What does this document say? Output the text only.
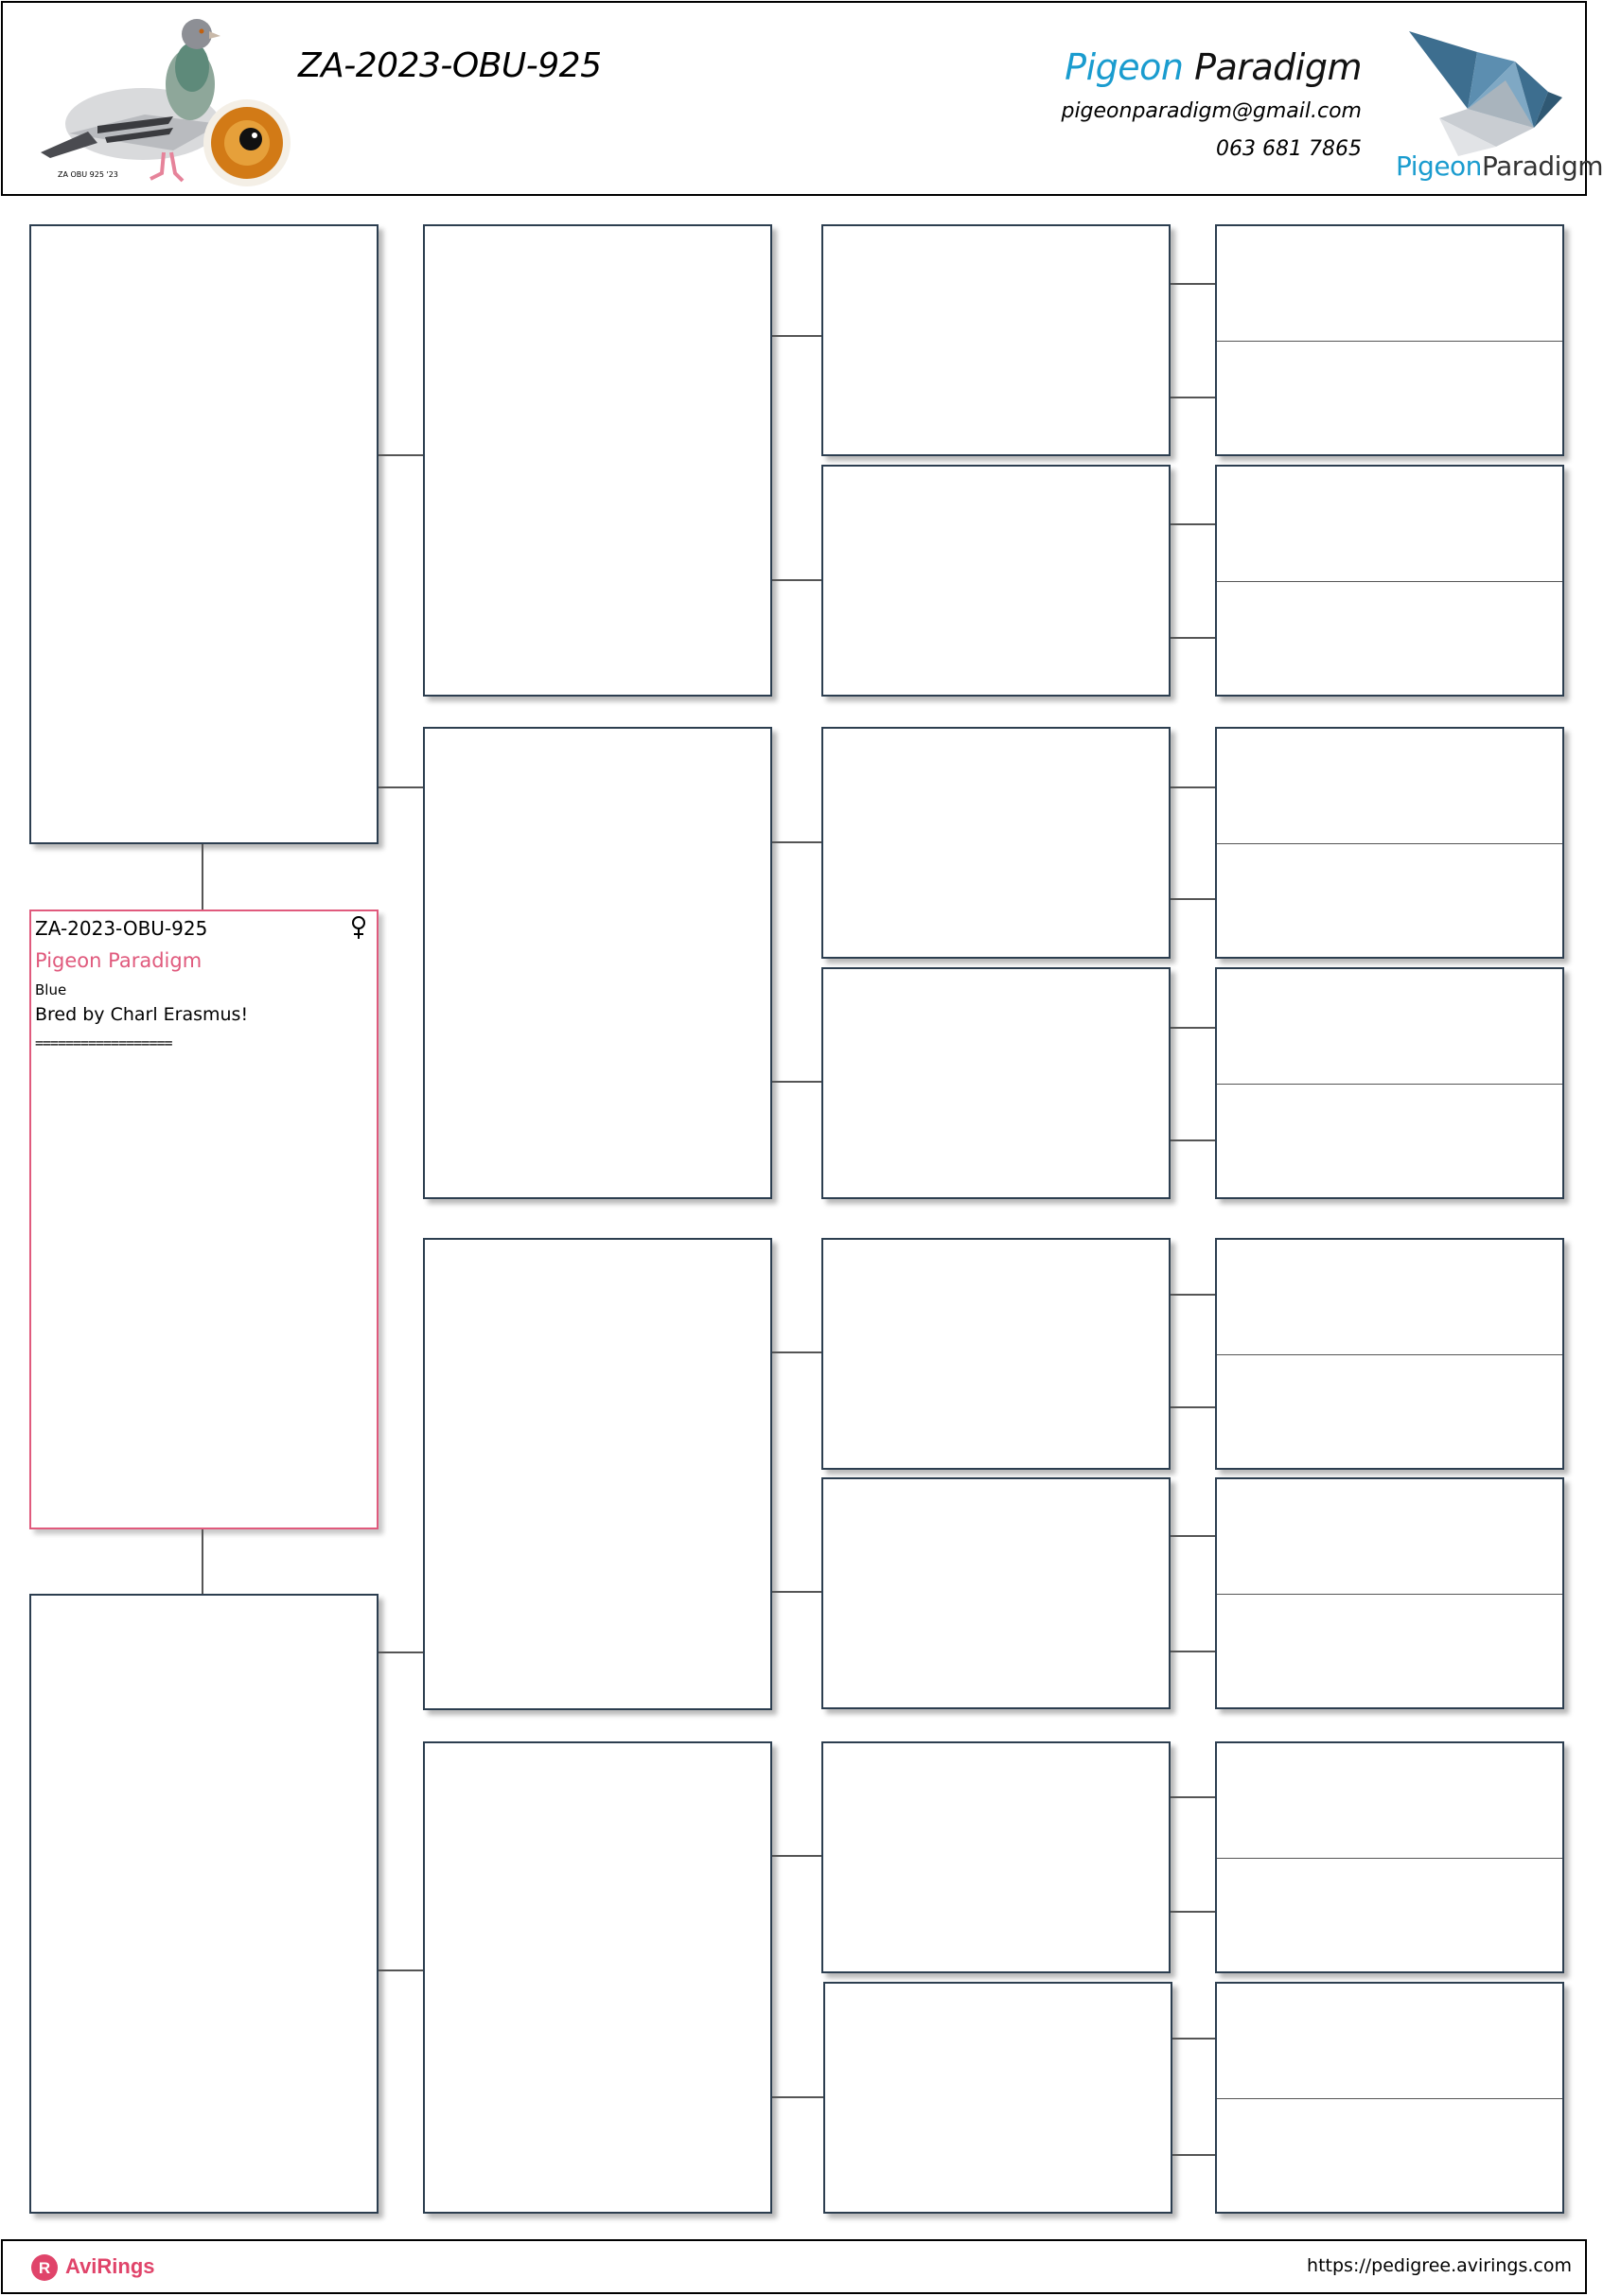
ZA OBU 925 '23
ZA-2023-OBU-925	Pigeon Paradigm
pigeonparadigm@gmail.com
063 681 7865
PigeonParadigm
ZA-2023-OBU-925
Pigeon Paradigm
Blue
Bred by Charl Erasmus!
==================
R AviRings	https://pedigree.avirings.com
